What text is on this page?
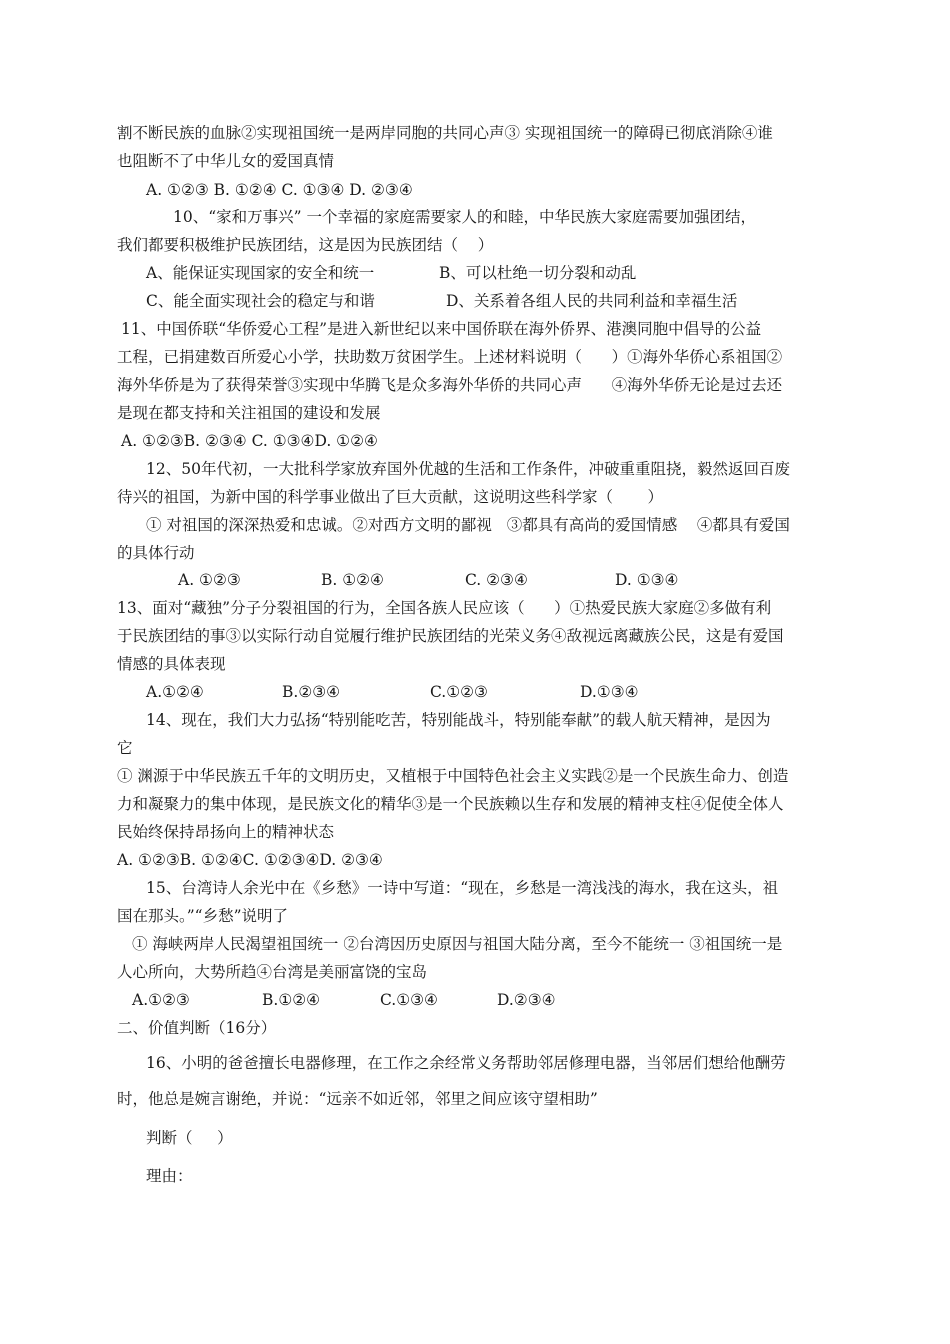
割不断民族的血脉②实现祖国统一是两岸同胞的共同心声③ 实现祖国统一的障碍已彻底消除④谁
也阻断不了中华儿女的爱国真情
A. ①②③ B. ①②④ C. ①③④ D. ②③④
10、“家和万事兴” 一个幸福的家庭需要家人的和睦，中华民族大家庭需要加强团结，
我们都要积极维护民族团结，这是因为民族团结（    ）
A、能保证实现国家的安全和统一	B、可以杜绝一切分裂和动乱
C、能全面实现社会的稳定与和谐	D、关系着各组人民的共同利益和幸福生活
11、中国侨联“华侨爱心工程”是进入新世纪以来中国侨联在海外侨界、港澳同胞中倡导的公益
工程，已捐建数百所爱心小学，扶助数万贫困学生。上述材料说明（      ）①海外华侨心系祖国②
海外华侨是为了获得荣誉③实现中华腾飞是众多海外华侨的共同心声      ④海外华侨无论是过去还
是现在都支持和关注祖国的建设和发展
A. ①②③B. ②③④ C. ①③④D. ①②④
12、50年代初，一大批科学家放弃国外优越的生活和工作条件，冲破重重阻挠，毅然返回百废
待兴的祖国，为新中国的科学事业做出了巨大贡献，这说明这些科学家（       ）
① 对祖国的深深热爱和忠诚。②对西方文明的鄙视   ③都具有高尚的爱国情感    ④都具有爱国
的具体行动
A. ①②③	B. ①②④	C. ②③④	D. ①③④
13、面对“藏独”分子分裂祖国的行为，全国各族人民应该（      ）①热爱民族大家庭②多做有利
于民族团结的事③以实际行动自觉履行维护民族团结的光荣义务④敌视远离藏族公民，这是有爱国
情感的具体表现
A.①②④	B.②③④	C.①②③	D.①③④
14、现在，我们大力弘扬“特别能吃苦，特别能战斗，特别能奉献”的载人航天精神，是因为
它
① 渊源于中华民族五千年的文明历史，又植根于中国特色社会主义实践②是一个民族生命力、创造
力和凝聚力的集中体现，是民族文化的精华③是一个民族赖以生存和发展的精神支柱④促使全体人
民始终保持昂扬向上的精神状态
A. ①②③B. ①②④C. ①②③④D. ②③④
15、台湾诗人余光中在《乡愁》一诗中写道：“现在，乡愁是一湾浅浅的海水，我在这头，祖
国在那头。”“乡愁”说明了
① 海峡两岸人民渴望祖国统一 ②台湾因历史原因与祖国大陆分离，至今不能统一 ③祖国统一是
人心所向，大势所趋④台湾是美丽富饶的宝岛
A.①②③	B.①②④	C.①③④	D.②③④
二、价值判断（16分）
16、小明的爸爸擅长电器修理，在工作之余经常义务帮助邻居修理电器，当邻居们想给他酬劳
时，他总是婉言谢绝，并说：“远亲不如近邻，邻里之间应该守望相助”
判断（     ）
理由：
